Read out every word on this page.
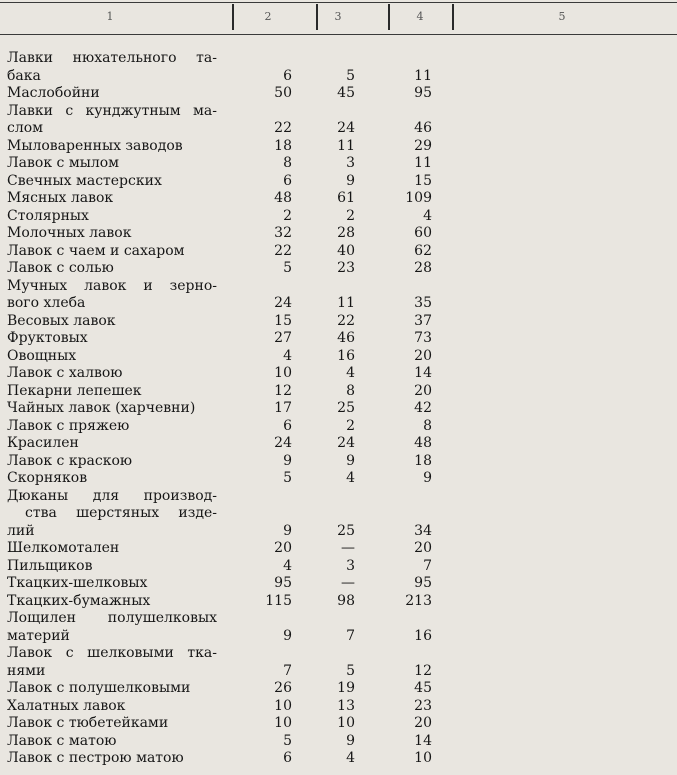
1	2	3	4	5
Лавки нюхательного та-
бака	6	5	11
Маслобойни	50	45	95
Лавки с кунджутным ма-
слом	22	24	46
Мыловаренных заводов	18	11	29
Лавок с мылом	8	3	11
Свечных мастерских	6	9	15
Мясных лавок	48	61	109
Столярных	2	2	4
Молочных лавок	32	28	60
Лавок с чаем и сахаром	22	40	62
Лавок с солью	5	23	28
Мучных лавок и зерно-
вого хлеба	24	11	35
Весовых лавок	15	22	37
Фруктовых	27	46	73
Овощных	4	16	20
Лавок с халвою	10	4	14
Пекарни лепешек	12	8	20
Чайных лавок (харчевни)	17	25	42
Лавок с пряжею	6	2	8
Красилен	24	24	48
Лавок с краскою	9	9	18
Скорняков	5	4	9
Дюканы для производ-
ства шерстяных изде-
лий	9	25	34
Шелкомоталeн	20	—	20
Пильщиков	4	3	7
Ткацких-шелковых	95	—	95
Ткацких-бумажных	115	98	213
Лощилен полушелковых
материй	9	7	16
Лавок с шелковыми тка-
нями	7	5	12
Лавок с полушелковыми	26	19	45
Халатных лавок	10	13	23
Лавок с тюбетейками	10	10	20
Лавок с матою	5	9	14
Лавок с пестрою матою	6	4	10
